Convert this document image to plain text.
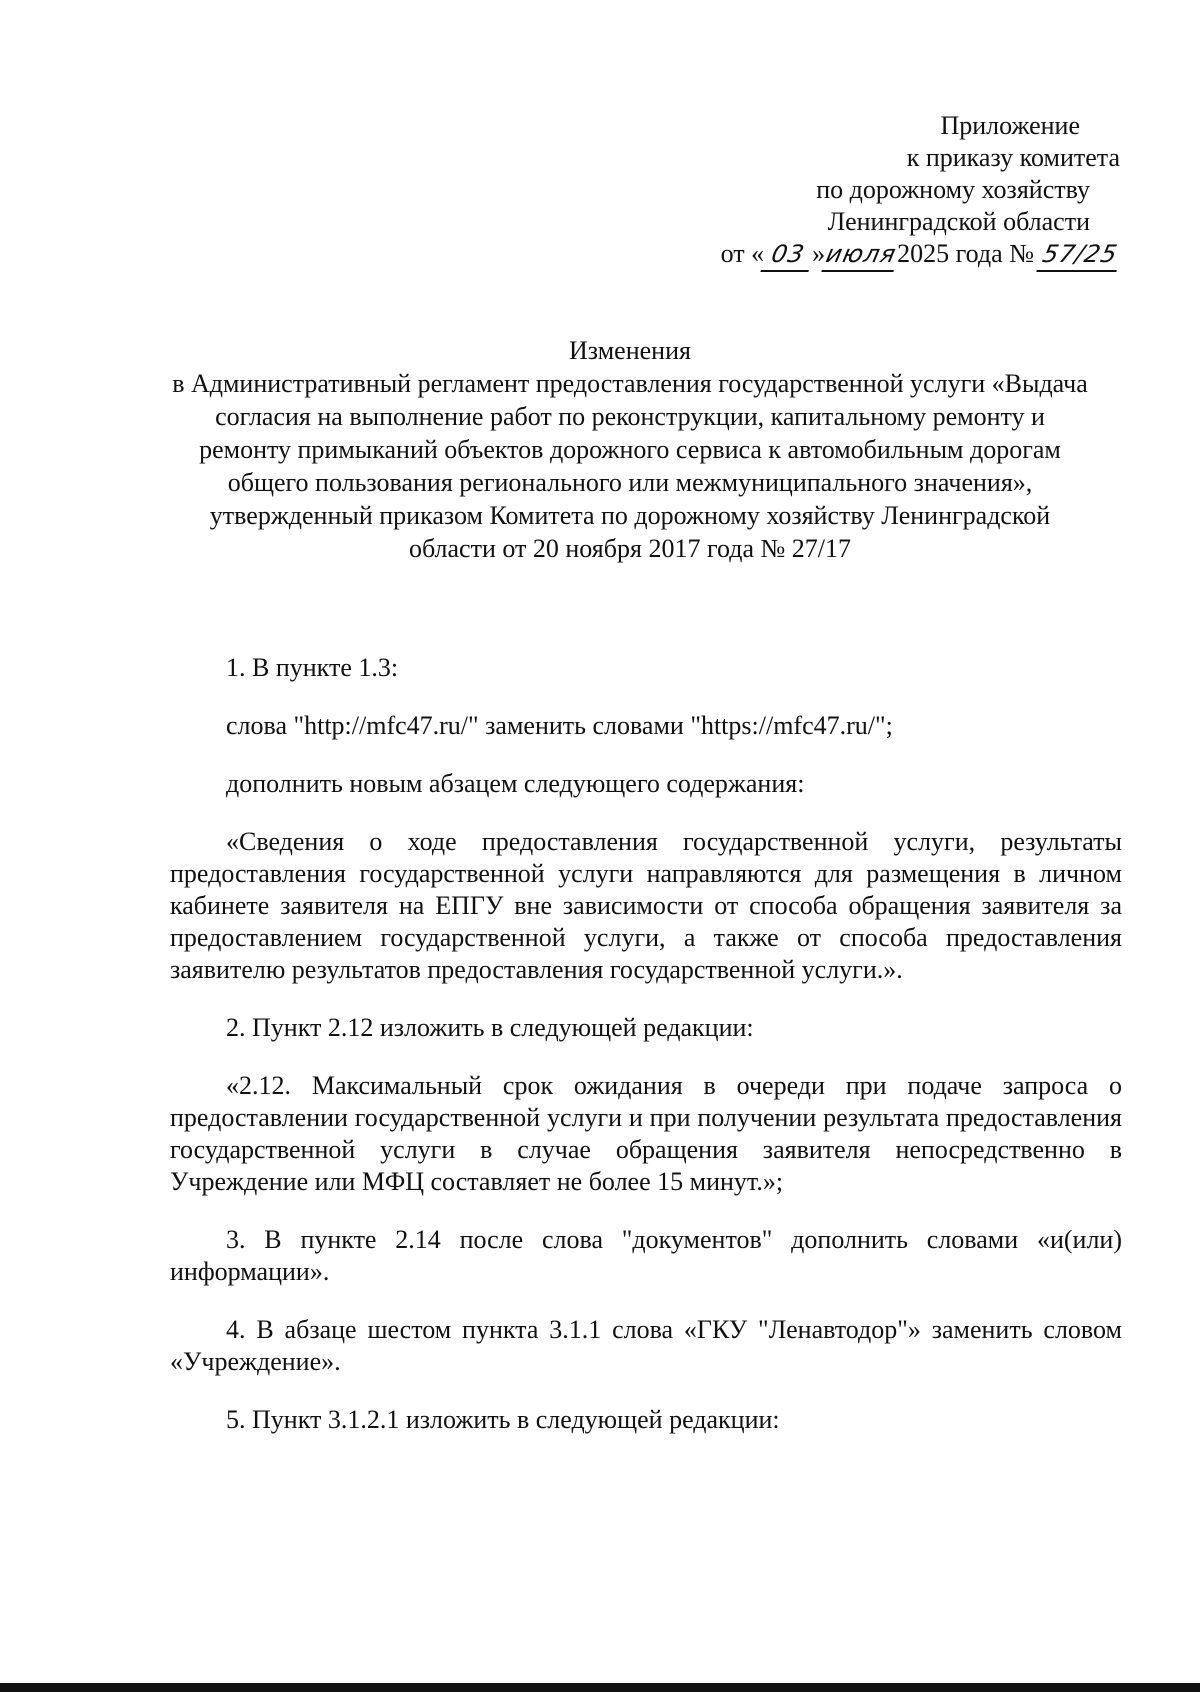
Приложение
к приказу комитета
по дорожному хозяйству
Ленинградской области
от « 03 »июля2025 года № 57/25
Изменения
в Административный регламент предоставления государственной услуги «Выдача согласия на выполнение работ по реконструкции, капитальному ремонту и ремонту примыканий объектов дорожного сервиса к автомобильным дорогам общего пользования регионального или межмуниципального значения», утвержденный приказом Комитета по дорожному хозяйству Ленинградской области от 20 ноября 2017 года № 27/17

1. В пункте 1.3:

слова "http://mfc47.ru/" заменить словами "https://mfc47.ru/";

дополнить новым абзацем следующего содержания:

«Сведения о ходе предоставления государственной услуги, результаты предоставления государственной услуги направляются для размещения в личном кабинете заявителя на ЕПГУ вне зависимости от способа обращения заявителя за предоставлением государственной услуги, а также от способа предоставления заявителю результатов предоставления государственной услуги.».

2. Пункт 2.12 изложить в следующей редакции:

«2.12. Максимальный срок ожидания в очереди при подаче запроса о предоставлении государственной услуги и при получении результата предоставления государственной услуги в случае обращения заявителя непосредственно в Учреждение или МФЦ составляет не более 15 минут.»;

3. В пункте 2.14 после слова "документов" дополнить словами «и(или) информации».

4. В абзаце шестом пункта 3.1.1 слова «ГКУ "Ленавтодор"» заменить словом «Учреждение».

5. Пункт 3.1.2.1 изложить в следующей редакции:
